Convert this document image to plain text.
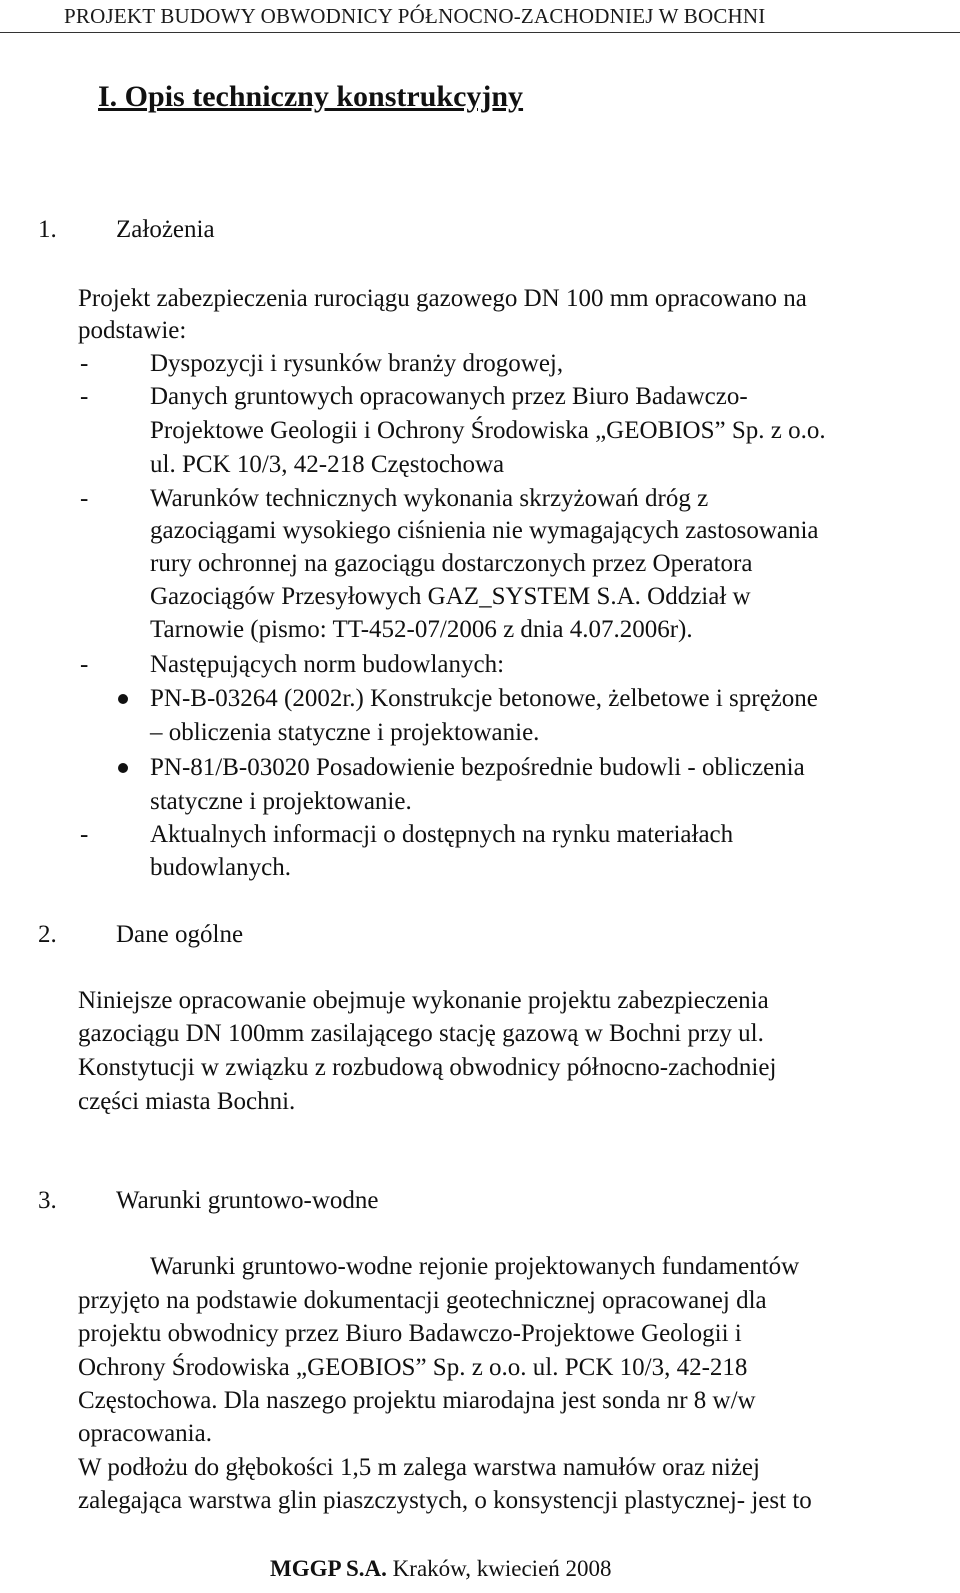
PROJEKT BUDOWY OBWODNICY PÓŁNOCNO-ZACHODNIEJ W BOCHNI
I. Opis techniczny konstrukcyjny
1. Założenia
Projekt zabezpieczenia rurociągu gazowego DN 100 mm opracowano na
podstawie:
- Dyspozycji i rysunków branży drogowej,
- Danych gruntowych opracowanych przez Biuro Badawczo-
Projektowe Geologii i Ochrony Środowiska „GEOBIOS” Sp. z o.o.
ul. PCK 10/3, 42-218 Częstochowa
- Warunków technicznych wykonania skrzyżowań dróg z
gazociągami wysokiego ciśnienia nie wymagających zastosowania
rury ochronnej na gazociągu dostarczonych przez Operatora
Gazociągów Przesyłowych GAZ_SYSTEM S.A. Oddział w
Tarnowie (pismo: TT-452-07/2006 z dnia 4.07.2006r).
- Następujących norm budowlanych:
PN-B-03264 (2002r.) Konstrukcje betonowe, żelbetowe i sprężone
– obliczenia statyczne i projektowanie.
PN-81/B-03020 Posadowienie bezpośrednie budowli - obliczenia
statyczne i projektowanie.
- Aktualnych informacji o dostępnych na rynku materiałach
budowlanych.
2. Dane ogólne
Niniejsze opracowanie obejmuje wykonanie projektu zabezpieczenia
gazociągu DN 100mm zasilającego stację gazową w Bochni przy ul.
Konstytucji w związku z rozbudową obwodnicy północno-zachodniej
części miasta Bochni.
3. Warunki gruntowo-wodne
Warunki gruntowo-wodne rejonie projektowanych fundamentów
przyjęto na podstawie dokumentacji geotechnicznej opracowanej dla
projektu obwodnicy przez Biuro Badawczo-Projektowe Geologii i
Ochrony Środowiska „GEOBIOS” Sp. z o.o. ul. PCK 10/3, 42-218
Częstochowa. Dla naszego projektu miarodajna jest sonda nr 8 w/w
opracowania.
W podłożu do głębokości 1,5 m zalega warstwa namułów oraz niżej
zalegająca warstwa glin piaszczystych, o konsystencji plastycznej- jest to
MGGP S.A. Kraków, kwiecień 2008
